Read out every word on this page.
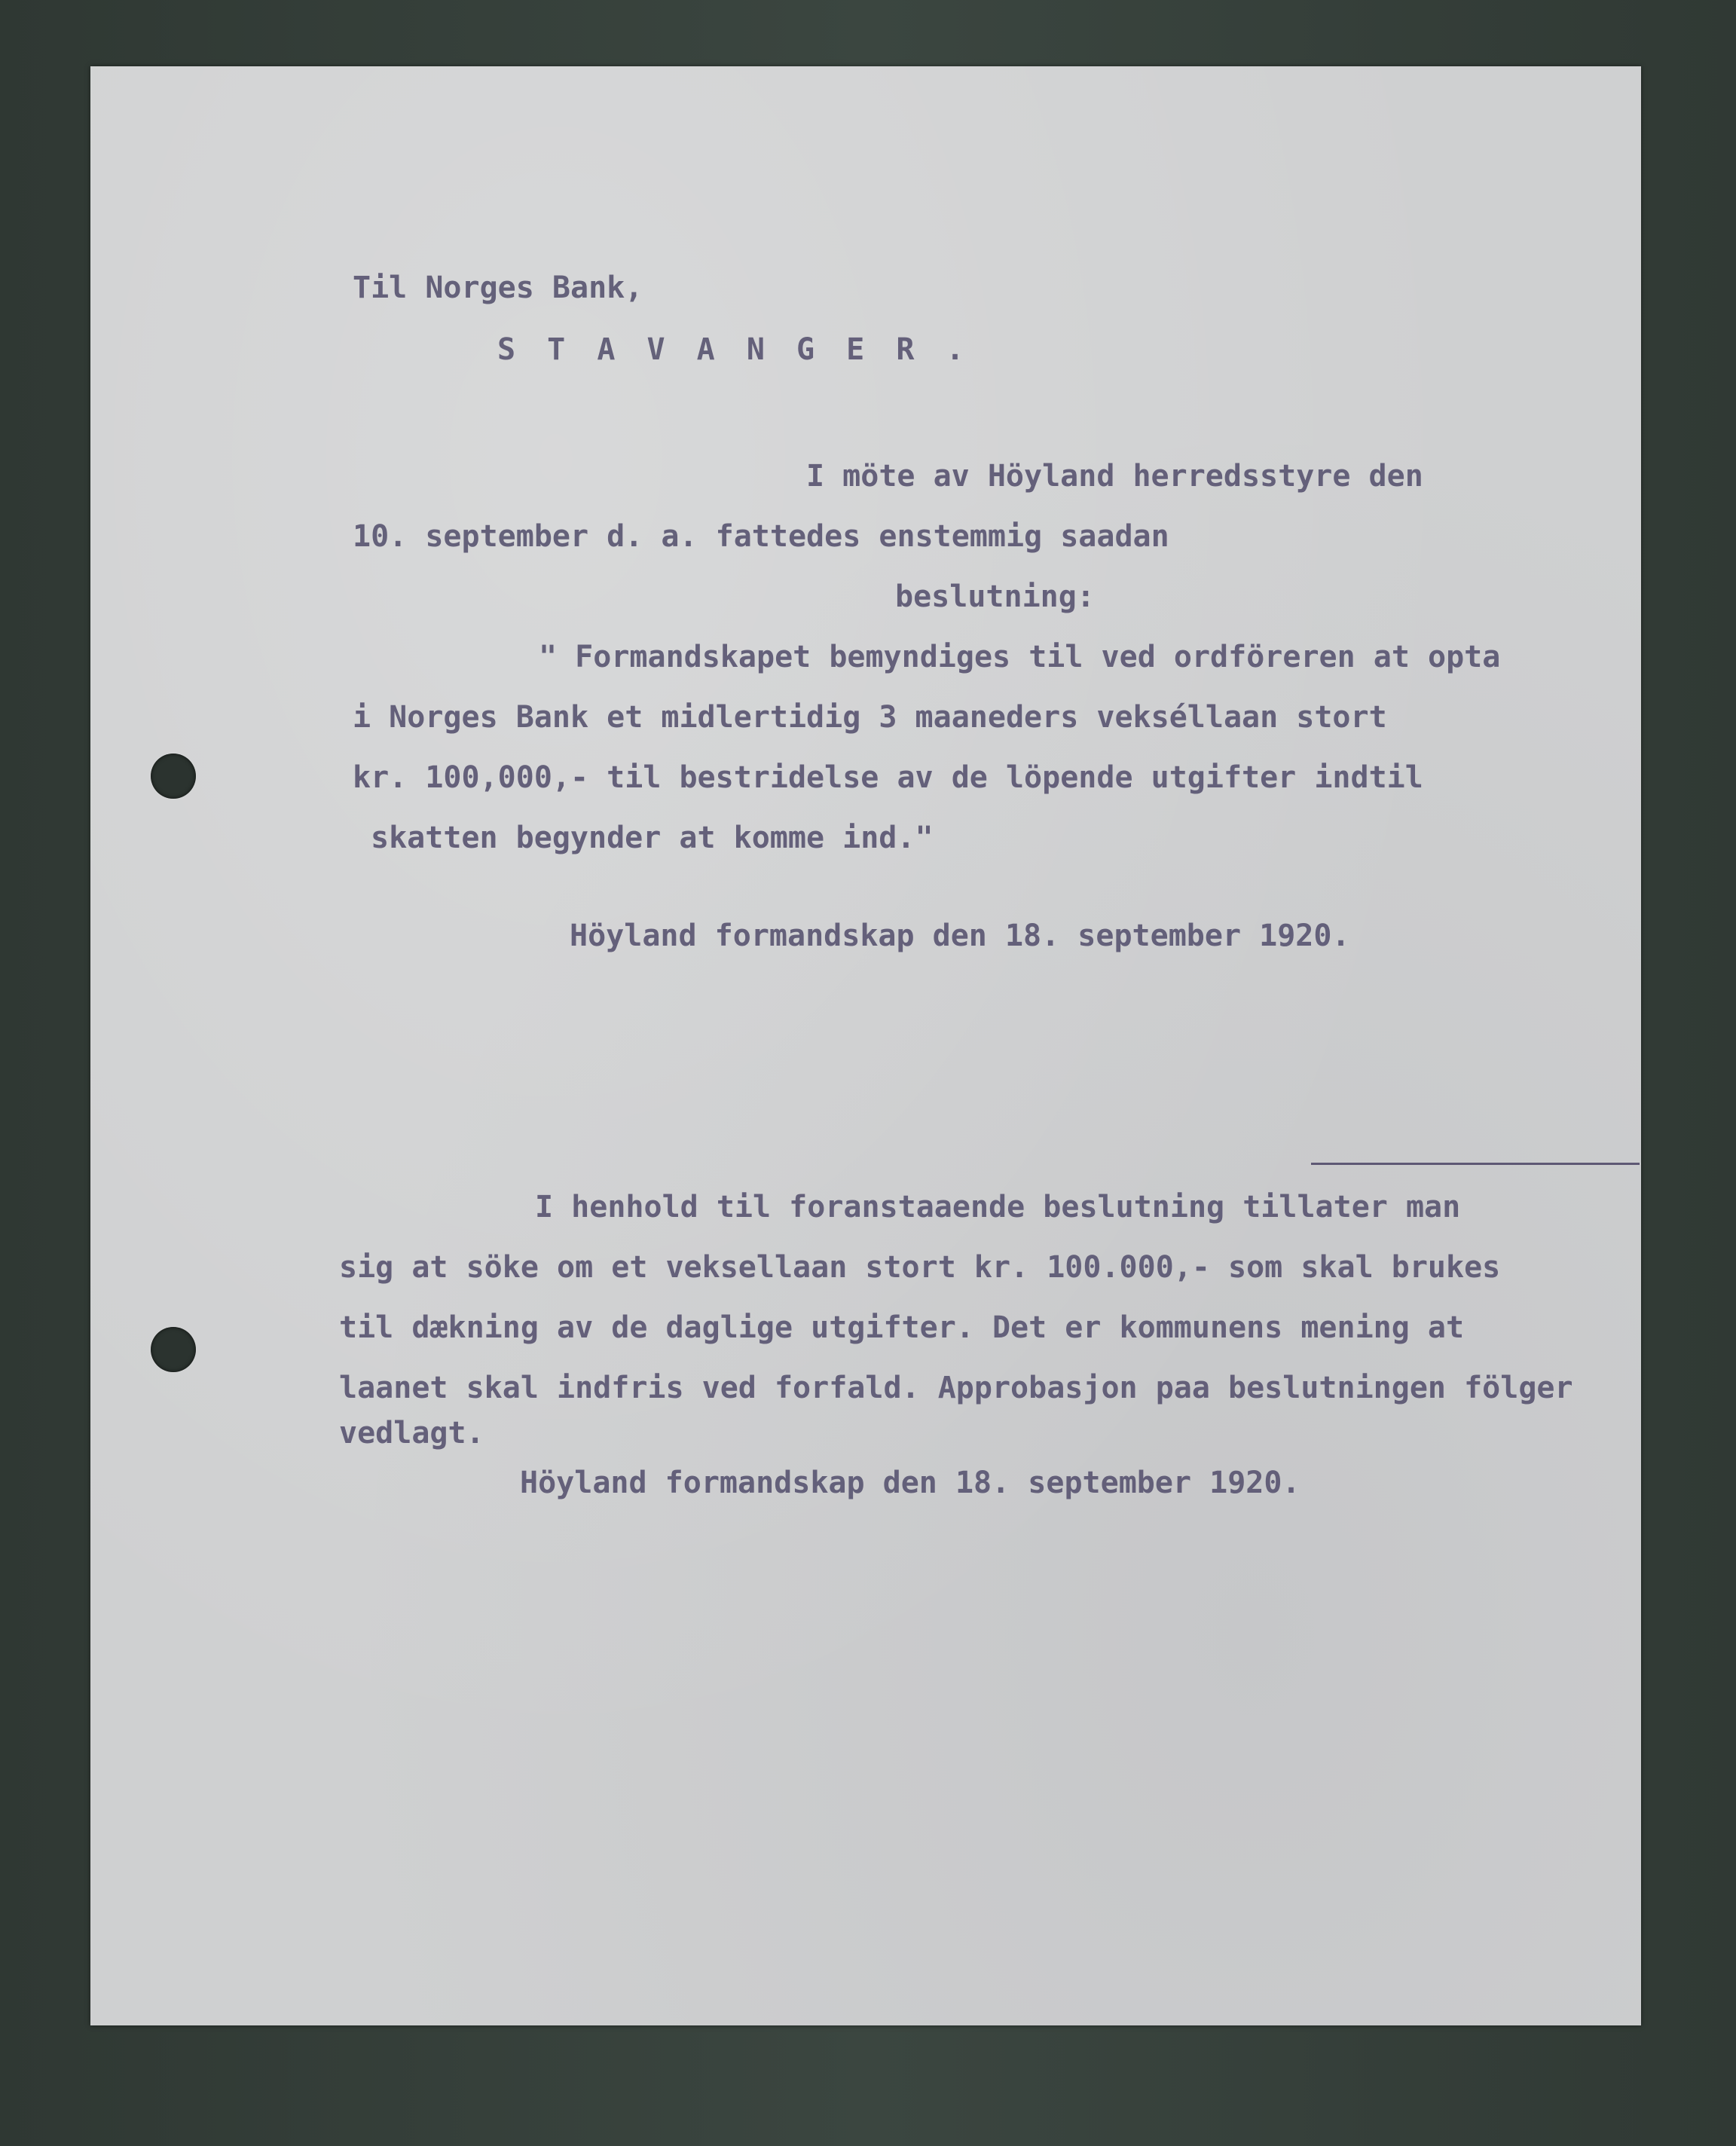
Til Norges Bank,

S T A V A N G E R .

I möte av Höyland herredsstyre den

10. september d. a. fattedes enstemmig saadan

beslutning:

" Formandskapet bemyndiges til ved ordföreren at opta

i Norges Bank et midlertidig 3 maaneders vekséllaan stort

kr. 100,000,- til bestridelse av de löpende utgifter indtil

skatten begynder at komme ind."

Höyland formandskap den 18. september 1920.

I henhold til foranstaaende beslutning tillater man

sig at söke om et veksellaan stort kr. 100.000,- som skal brukes

til dækning av de daglige utgifter. Det er kommunens mening at

laanet skal indfris ved forfald. Approbasjon paa beslutningen fölger

vedlagt.

Höyland formandskap den 18. september 1920.
